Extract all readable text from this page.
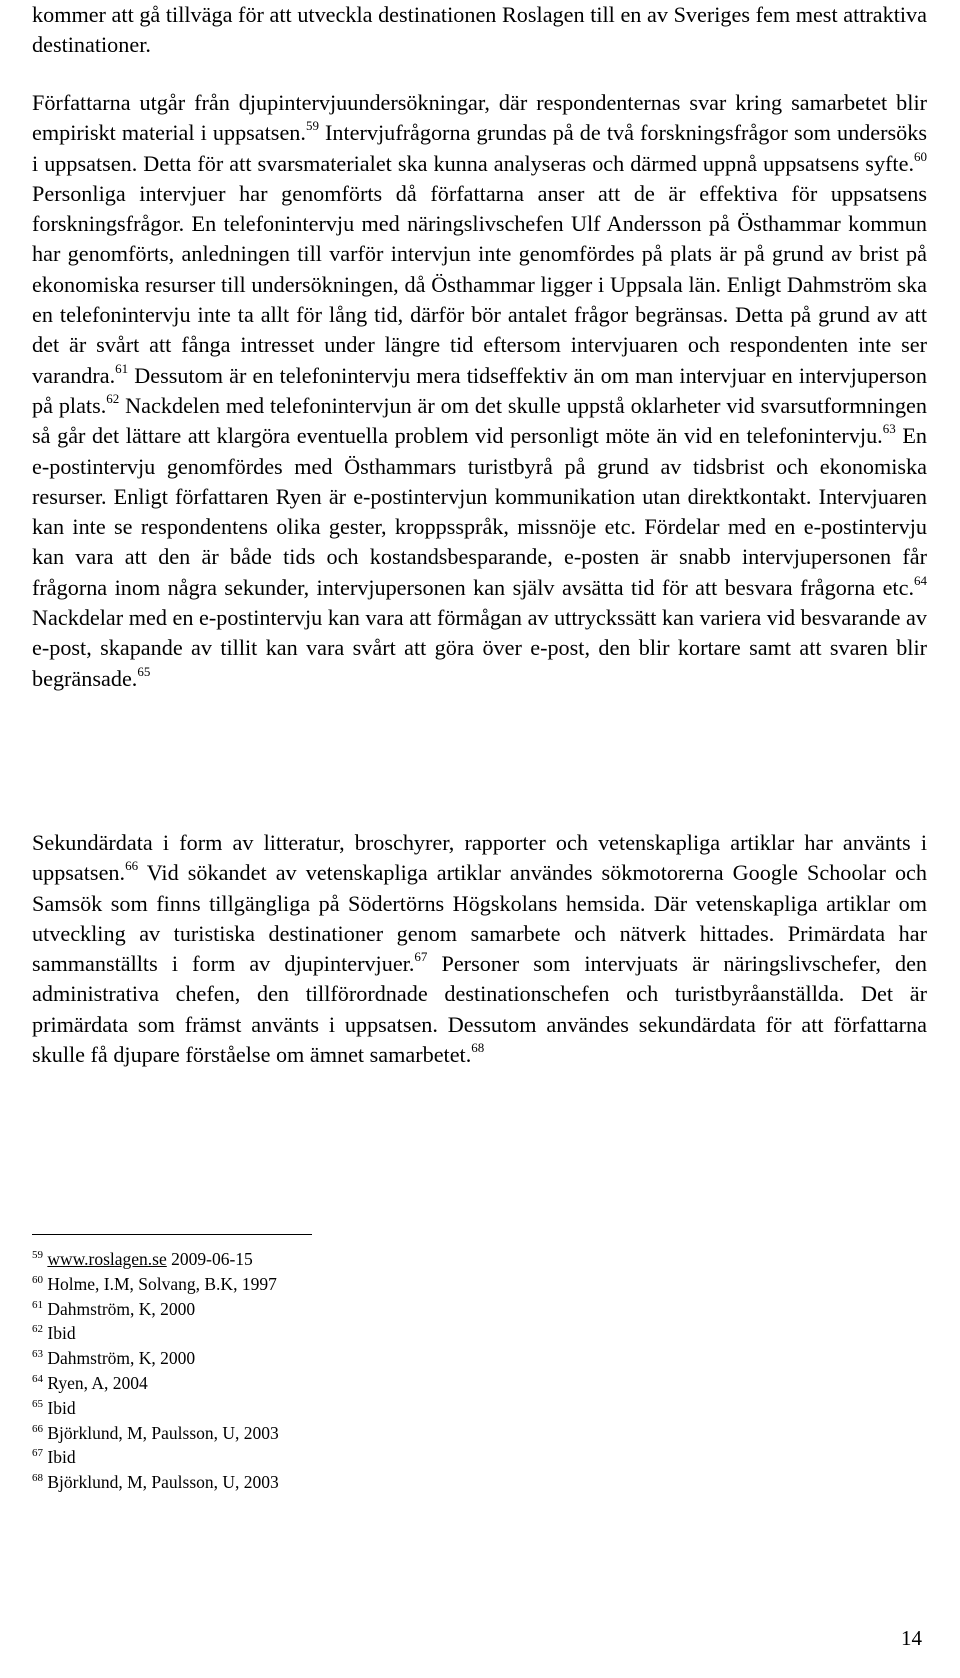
kommer att gå tillväga för att utveckla destinationen Roslagen till en av Sveriges fem mest attraktiva destinationer.

Författarna utgår från djupintervjuundersökningar, där respondenternas svar kring samarbetet blir empiriskt material i uppsatsen.$^{59}$ Intervjufrågorna grundas på de två forskningsfrågor som undersöks i uppsatsen. Detta för att svarsmaterialet ska kunna analyseras och därmed uppnå uppsatsens syfte.$^{60}$ Personliga intervjuer har genomförts då författarna anser att de är effektiva för uppsatsens forskningsfrågor. En telefonintervju med näringslivschefen Ulf Andersson på Östhammar kommun har genomförts, anledningen till varför intervjun inte genomfördes på plats är på grund av brist på ekonomiska resurser till undersökningen, då Östhammar ligger i Uppsala län. Enligt Dahmström ska en telefonintervju inte ta allt för lång tid, därför bör antalet frågor begränsas. Detta på grund av att det är svårt att fånga intresset under längre tid eftersom intervjuaren och respondenten inte ser varandra.$^{61}$ Dessutom är en telefonintervju mera tidseffektiv än om man intervjuar en intervjuperson på plats.$^{62}$ Nackdelen med telefonintervjun är om det skulle uppstå oklarheter vid svarsutformningen så går det lättare att klargöra eventuella problem vid personligt möte än vid en telefonintervju.$^{63}$ En e-postintervju genomfördes med Östhammars turistbyrå på grund av tidsbrist och ekonomiska resurser. Enligt författaren Ryen är e-postintervjun kommunikation utan direktkontakt. Intervjuaren kan inte se respondentens olika gester, kroppsspråk, missnöje etc. Fördelar med en e-postintervju kan vara att den är både tids och kostandsbesparande, e-posten är snabb intervjupersonen får frågorna inom några sekunder, intervjupersonen kan själv avsätta tid för att besvara frågorna etc.$^{64}$ Nackdelar med en e-postintervju kan vara att förmågan av uttryckssätt kan variera vid besvarande av e-post, skapande av tillit kan vara svårt att göra över e-post, den blir kortare samt att svaren blir begränsade.$^{65}$

Sekundärdata i form av litteratur, broschyrer, rapporter och vetenskapliga artiklar har använts i uppsatsen.$^{66}$ Vid sökandet av vetenskapliga artiklar användes sökmotorerna Google Schoolar och Samsök som finns tillgängliga på Södertörns Högskolans hemsida. Där vetenskapliga artiklar om utveckling av turistiska destinationer genom samarbete och nätverk hittades. Primärdata har sammanställts i form av djupintervjuer.$^{67}$ Personer som intervjuats är näringslivschefer, den administrativa chefen, den tillförordnade destinationschefen och turistbyråanställda. Det är primärdata som främst använts i uppsatsen. Dessutom användes sekundärdata för att författarna skulle få djupare förståelse om ämnet samarbetet.$^{68}$

$^{59}$ www.roslagen.se 2009-06-15
$^{60}$ Holme, I.M, Solvang, B.K, 1997
$^{61}$ Dahmström, K, 2000
$^{62}$ Ibid
$^{63}$ Dahmström, K, 2000
$^{64}$ Ryen, A, 2004
$^{65}$ Ibid
$^{66}$ Björklund, M, Paulsson, U, 2003
$^{67}$ Ibid
$^{68}$ Björklund, M, Paulsson, U, 2003
14
